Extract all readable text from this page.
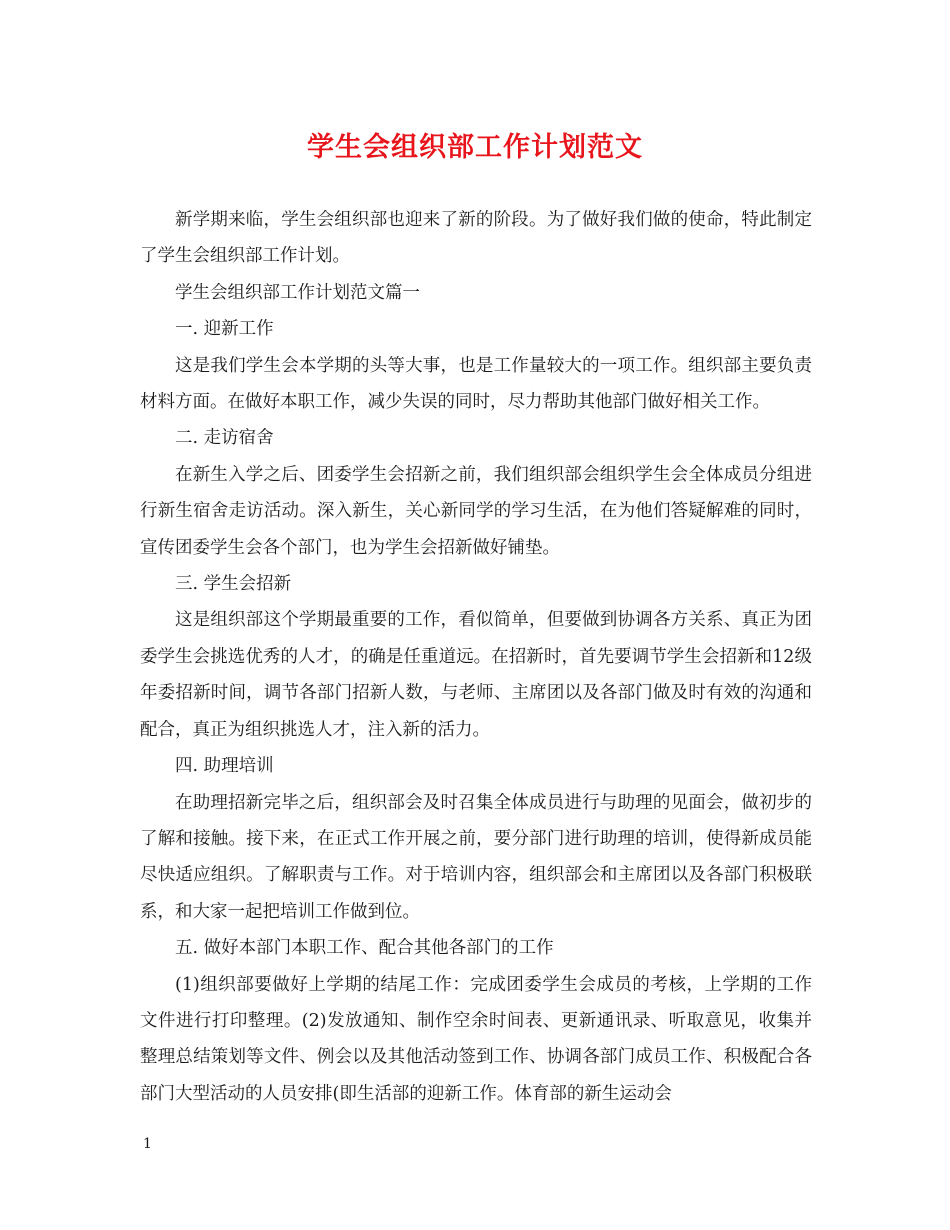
学生会组织部工作计划范文

新学期来临，学生会组织部也迎来了新的阶段。为了做好我们做的使命，特此制定了学生会组织部工作计划。

学生会组织部工作计划范文篇一

一. 迎新工作

这是我们学生会本学期的头等大事，也是工作量较大的一项工作。组织部主要负责材料方面。在做好本职工作，减少失误的同时，尽力帮助其他部门做好相关工作。

二. 走访宿舍

在新生入学之后、团委学生会招新之前，我们组织部会组织学生会全体成员分组进行新生宿舍走访活动。深入新生，关心新同学的学习生活，在为他们答疑解难的同时，宣传团委学生会各个部门，也为学生会招新做好铺垫。

三. 学生会招新

这是组织部这个学期最重要的工作，看似简单，但要做到协调各方关系、真正为团委学生会挑选优秀的人才，的确是任重道远。在招新时，首先要调节学生会招新和12级年委招新时间，调节各部门招新人数，与老师、主席团以及各部门做及时有效的沟通和配合，真正为组织挑选人才，注入新的活力。

四. 助理培训

在助理招新完毕之后，组织部会及时召集全体成员进行与助理的见面会，做初步的了解和接触。接下来，在正式工作开展之前，要分部门进行助理的培训，使得新成员能尽快适应组织。了解职责与工作。对于培训内容，组织部会和主席团以及各部门积极联系，和大家一起把培训工作做到位。

五. 做好本部门本职工作、配合其他各部门的工作

(1)组织部要做好上学期的结尾工作：完成团委学生会成员的考核，上学期的工作文件进行打印整理。(2)发放通知、制作空余时间表、更新通讯录、听取意见，收集并整理总结策划等文件、例会以及其他活动签到工作、协调各部门成员工作、积极配合各部门大型活动的人员安排(即生活部的迎新工作。体育部的新生运动会

1
